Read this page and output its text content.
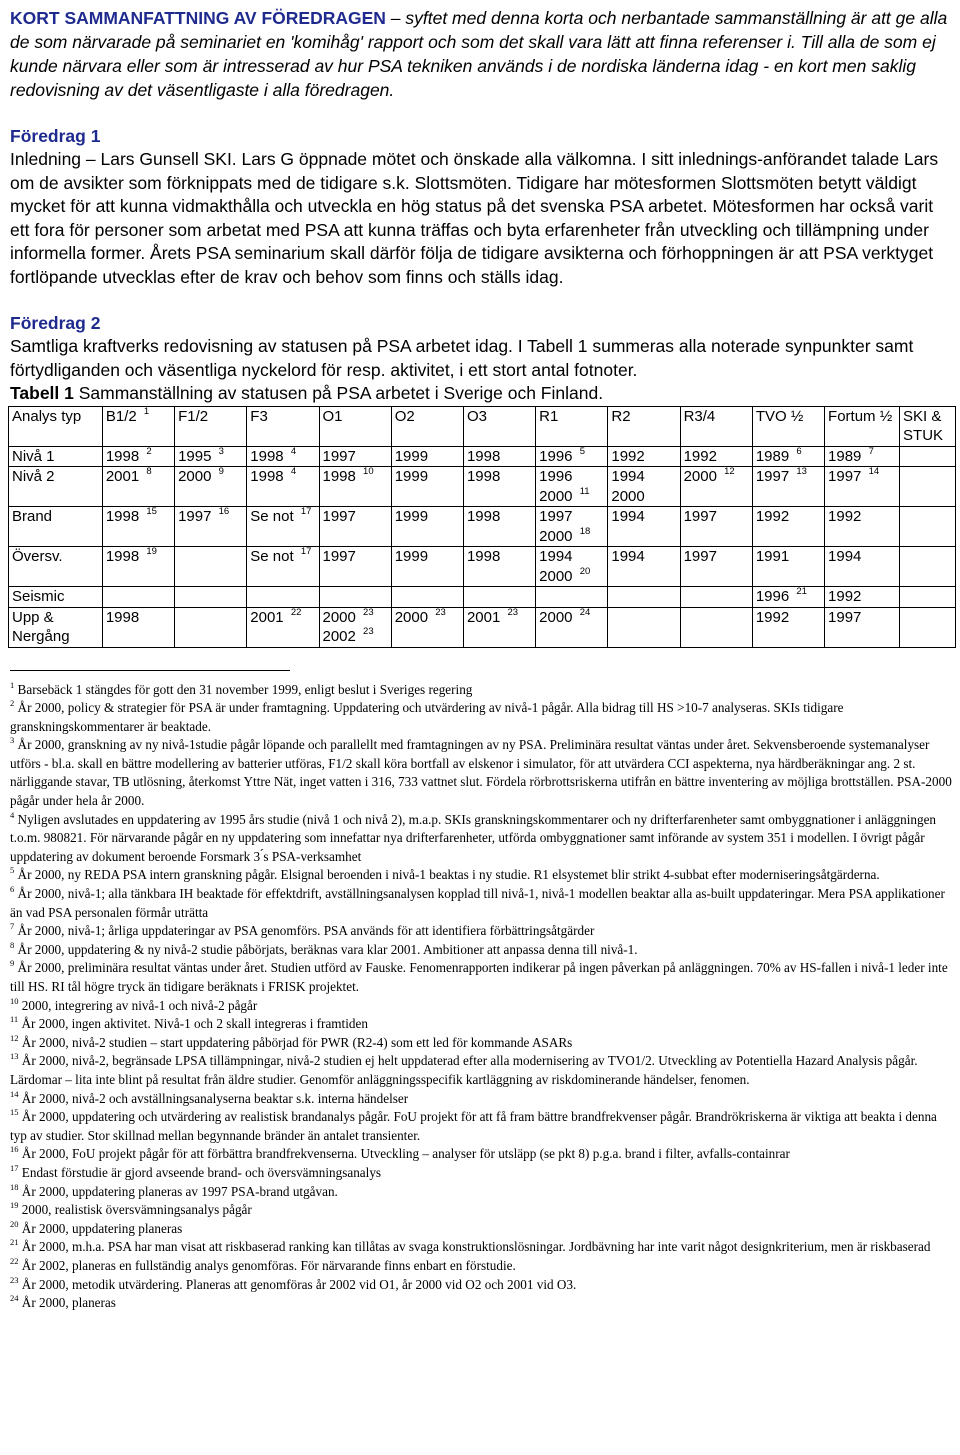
KORT SAMMANFATTNING AV FÖREDRAGEN – syftet med denna korta och nerbantade sammanställning är att ge alla de som närvarade på seminariet en 'komihåg' rapport och som det skall vara lätt att finna referenser i. Till alla de som ej kunde närvara eller som är intresserad av hur PSA tekniken används i de nordiska länderna idag - en kort men saklig redovisning av det väsentligaste i alla föredragen.

Föredrag 1

Inledning – Lars Gunsell SKI. Lars G öppnade mötet och önskade alla välkomna. I sitt inlednings-anförandet talade Lars om de avsikter som förknippats med de tidigare s.k. Slottsmöten. Tidigare har mötesformen Slottsmöten betytt väldigt mycket för att kunna vidmakthålla och utveckla en hög status på det svenska PSA arbetet. Mötesformen har också varit ett fora för personer som arbetat med PSA att kunna träffas och byta erfarenheter från utveckling och tillämpning under informella former. Årets PSA seminarium skall därför följa de tidigare avsikterna och förhoppningen är att PSA verktyget fortlöpande utvecklas efter de krav och behov som finns och ställs idag.

Föredrag 2

Samtliga kraftverks redovisning av statusen på PSA arbetet idag. I Tabell 1 summeras alla noterade synpunkter samt förtydliganden och väsentliga nyckelord för resp. aktivitet, i ett stort antal fotnoter.

Tabell 1 Sammanställning av statusen på PSA arbetet i Sverige och Finland.

Analys typ	B1/2 $^1$	F1/2	F3	O1	O2	O3	R1	R2	R3/4	TVO ½	Fortum ½	SKI & STUK
Nivå 1	1998 $^2$	1995 $^3$	1998 $^4$	1997	1999	1998	1996 $^5$	1992	1992	1989 $^6$	1989 $^7$	
Nivå 2	2001 $^8$	2000 $^9$	1998 $^4$	1998 $^{10}$	1999	1998	1996 2000 $^{11}$	1994 2000	2000 $^{12}$	1997 $^{13}$	1997 $^{14}$	
Brand	1998 $^{15}$	1997 $^{16}$	Se not $^{17}$	1997	1999	1998	1997 2000 $^{18}$	1994	1997	1992	1992	
Översv.	1998 $^{19}$		Se not $^{17}$	1997	1999	1998	1994 2000 $^{20}$	1994	1997	1991	1994	
Seismic										1996 $^{21}$	1992	
Upp & Nergång	1998		2001 $^{22}$	2000 $^{23}$ 2002 $^{23}$	2000 $^{23}$	2001 $^{23}$	2000 $^{24}$			1992	1997	

$^1$ Barsebäck 1 stängdes för gott den 31 november 1999, enligt beslut i Sveriges regering

$^2$ År 2000, policy & strategier för PSA är under framtagning. Uppdatering och utvärdering av nivå-1 pågår. Alla bidrag till HS >10-7 analyseras. SKIs tidigare granskningskommentarer är beaktade.

$^3$ År 2000, granskning av ny nivå-1studie pågår löpande och parallellt med framtagningen av ny PSA. Preliminära resultat väntas under året. Sekvensberoende systemanalyser utförs - bl.a. skall en bättre modellering av batterier utföras, F1/2 skall köra bortfall av elskenor i simulator, för att utvärdera CCI aspekterna, nya härdberäkningar ang. 2 st. närliggande stavar, TB utlösning, återkomst Yttre Nät, inget vatten i 316, 733 vattnet slut. Fördela rörbrottsriskerna utifrån en bättre inventering av möjliga brottställen. PSA-2000 pågår under hela år 2000.

$^4$ Nyligen avslutades en uppdatering av 1995 års studie (nivå 1 och nivå 2), m.a.p. SKIs granskningskommentarer och ny drifterfarenheter samt ombyggnationer i anläggningen t.o.m. 980821. För närvarande pågår en ny uppdatering som innefattar nya drifterfarenheter, utförda ombyggnationer samt införande av system 351 i modellen. I övrigt pågår uppdatering av dokument beroende Forsmark 3 ́s PSA-verksamhet

$^5$ År 2000, ny REDA PSA intern granskning pågår. Elsignal beroenden i nivå-1 beaktas i ny studie. R1 elsystemet blir strikt 4-subbat efter moderniseringsåtgärderna.

$^6$ År 2000, nivå-1; alla tänkbara IH beaktade för effektdrift, avställningsanalysen kopplad till nivå-1, nivå-1 modellen beaktar alla as-built uppdateringar. Mera PSA applikationer än vad PSA personalen förmår uträtta

$^7$ År 2000, nivå-1; årliga uppdateringar av PSA genomförs. PSA används för att identifiera förbättringsåtgärder

$^8$ År 2000, uppdatering & ny nivå-2 studie påbörjats, beräknas vara klar 2001. Ambitioner att anpassa denna till nivå-1.

$^9$ År 2000, preliminära resultat väntas under året. Studien utförd av Fauske. Fenomenrapporten indikerar på ingen påverkan på anläggningen. 70% av HS-fallen i nivå-1 leder inte till HS. RI tål högre tryck än tidigare beräknats i FRISK projektet.

$^{10}$ 2000, integrering av nivå-1 och nivå-2 pågår

$^{11}$ År 2000, ingen aktivitet. Nivå-1 och 2 skall integreras i framtiden

$^{12}$ År 2000, nivå-2 studien – start uppdatering påbörjad för PWR (R2-4) som ett led för kommande ASARs

$^{13}$ År 2000, nivå-2, begränsade LPSA tillämpningar, nivå-2 studien ej helt uppdaterad efter alla modernisering av TVO1/2. Utveckling av Potentiella Hazard Analysis pågår. Lärdomar – lita inte blint på resultat från äldre studier. Genomför anläggningsspecifik kartläggning av riskdominerande händelser, fenomen.

$^{14}$ År 2000, nivå-2 och avställningsanalyserna beaktar s.k. interna händelser

$^{15}$ År 2000, uppdatering och utvärdering av realistisk brandanalys pågår. FoU projekt för att få fram bättre brandfrekvenser pågår. Brandrökriskerna är viktiga att beakta i denna typ av studier. Stor skillnad mellan begynnande bränder än antalet transienter.

$^{16}$ År 2000, FoU projekt pågår för att förbättra brandfrekvenserna. Utveckling – analyser för utsläpp (se pkt 8) p.g.a. brand i filter, avfalls-containrar

$^{17}$ Endast förstudie är gjord avseende brand- och översvämningsanalys

$^{18}$ År 2000, uppdatering planeras av 1997 PSA-brand utgåvan.

$^{19}$ 2000, realistisk översvämningsanalys pågår

$^{20}$ År 2000, uppdatering planeras

$^{21}$ År 2000, m.h.a. PSA har man visat att riskbaserad ranking kan tillåtas av svaga konstruktionslösningar. Jordbävning har inte varit något designkriterium, men är riskbaserad

$^{22}$ År 2002, planeras en fullständig analys genomföras. För närvarande finns enbart en förstudie.

$^{23}$ År 2000, metodik utvärdering. Planeras att genomföras år 2002 vid O1, år 2000 vid O2 och 2001 vid O3.

$^{24}$ År 2000, planeras
